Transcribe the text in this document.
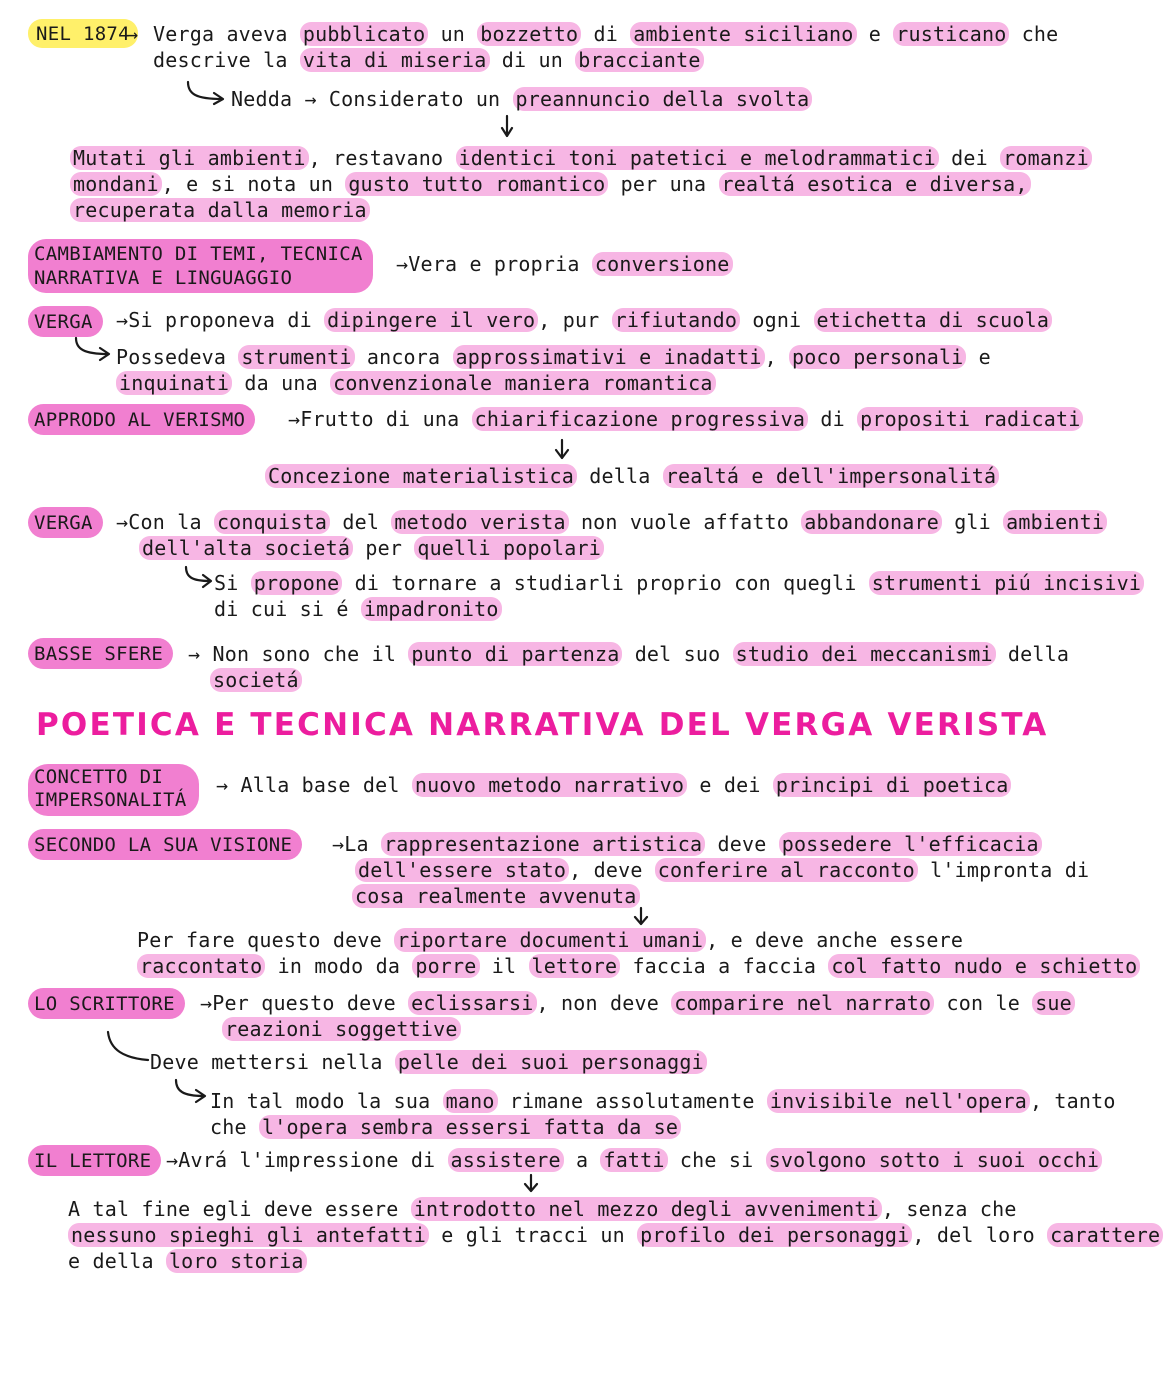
NEL 1874
→ Verga aveva pubblicato un bozzetto di ambiente siciliano e rusticano che
descrive la vita di miseria di un bracciante
Nedda → Considerato un preannuncio della svolta
Mutati gli ambienti , restavano identici toni patetici e melodrammatici dei romanzi
mondani , e si nota un gusto tutto romantico per una realtá esotica e diversa,
recuperata dalla memoria
CAMBIAMENTO DI TEMI, TECNICA
NARRATIVA E LINGUAGGIO
→Vera e propria conversione
VERGA	→Si proponeva di dipingere il vero , pur rifiutando ogni etichetta di scuola
Possedeva strumenti ancora approssimativi e inadatti , poco personali e
inquinati da una convenzionale maniera romantica
APPRODO AL VERISMO	→Frutto di una chiarificazione progressiva di propositi radicati
Concezione materialistica della realtá e dell'impersonalitá
VERGA	→Con la conquista del metodo verista non vuole affatto abbandonare gli ambienti
dell'alta societá per quelli popolari
Si propone di tornare a studiarli proprio con quegli strumenti piú incisivi
di cui si é impadronito
BASSE SFERE	→ Non sono che il punto di partenza del suo studio dei meccanismi della
societá
POETICA E TECNICA NARRATIVA DEL VERGA VERISTA
CONCETTO DI
IMPERSONALITÁ
→ Alla base del nuovo metodo narrativo e dei principi di poetica
SECONDO LA SUA VISIONE	→La rappresentazione artistica deve possedere l'efficacia
dell'essere stato , deve conferire al racconto l'impronta di
cosa realmente avvenuta
Per fare questo deve riportare documenti umani , e deve anche essere
raccontato in modo da porre il lettore faccia a faccia col fatto nudo e schietto
LO SCRITTORE	→Per questo deve eclissarsi , non deve comparire nel narrato con le sue
reazioni soggettive
Deve mettersi nella pelle dei suoi personaggi
In tal modo la sua mano rimane assolutamente invisibile nell'opera , tanto
che l'opera sembra essersi fatta da se
IL LETTORE →Avrá l'impressione di assistere a fatti che si svolgono sotto i suoi occhi
A tal fine egli deve essere introdotto nel mezzo degli avvenimenti , senza che
nessuno spieghi gli antefatti e gli tracci un profilo dei personaggi , del loro carattere
e della loro storia
